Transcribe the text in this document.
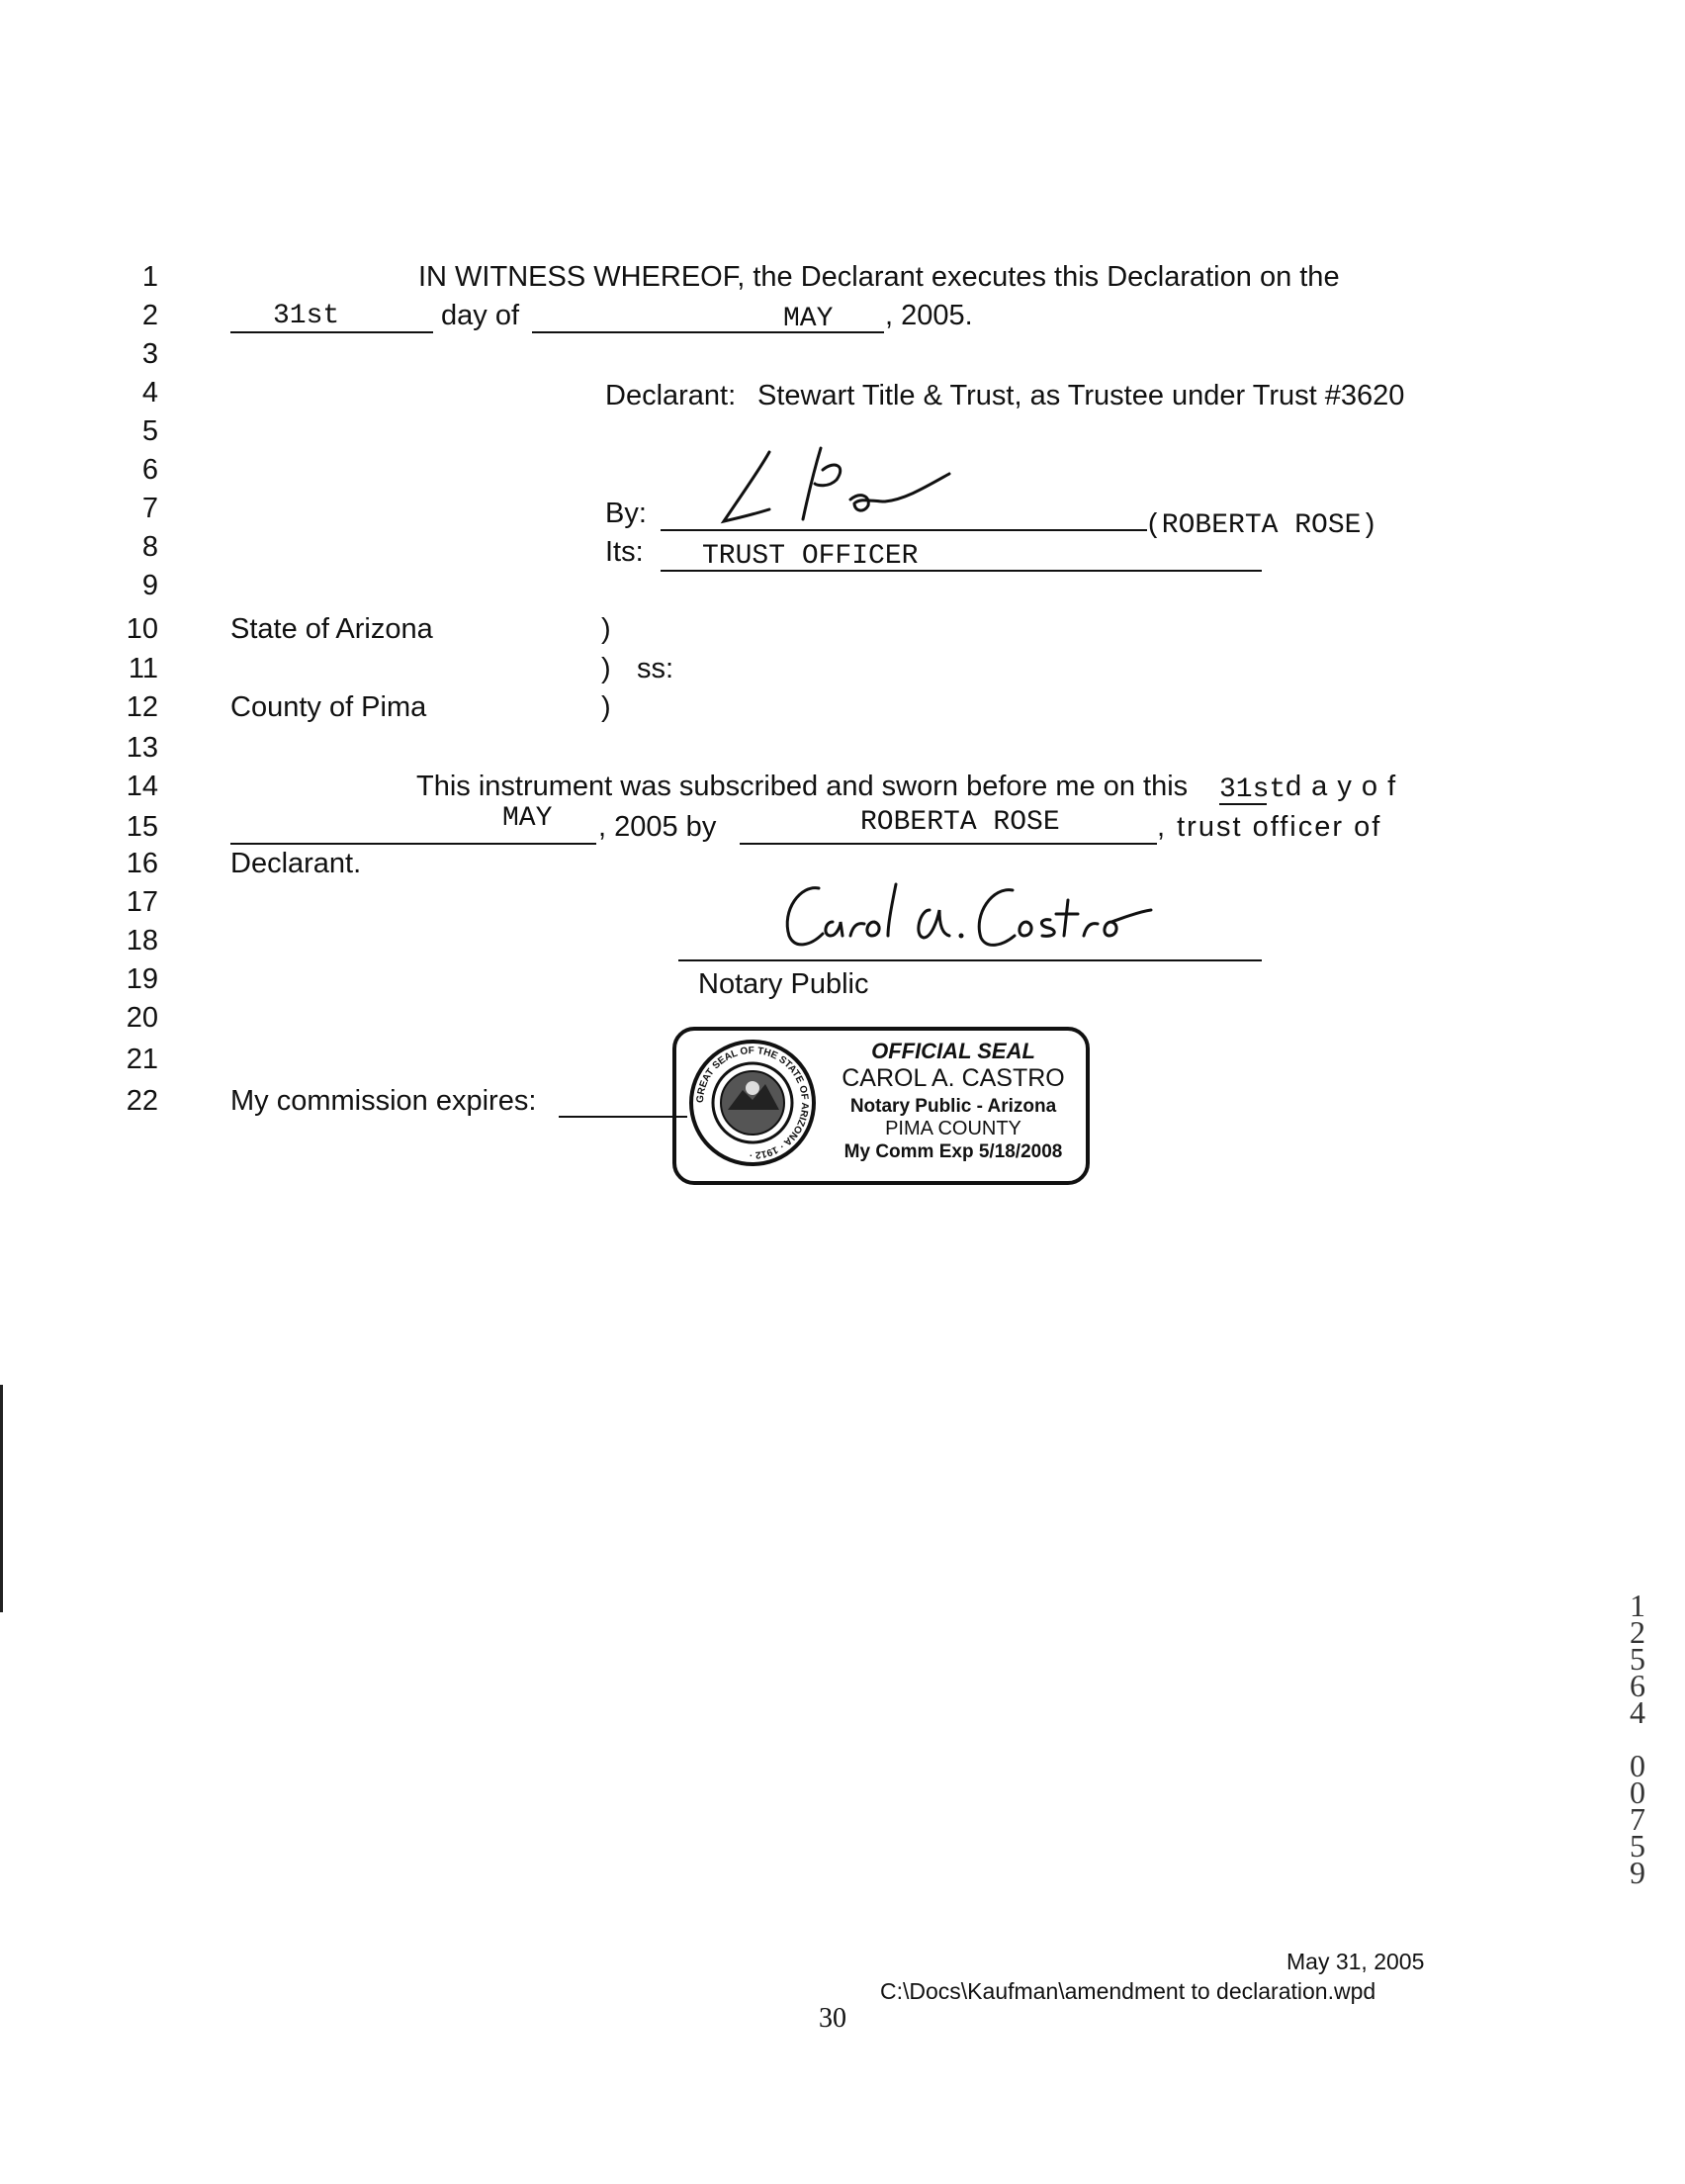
1
2
3
4
5
6
7
8
9
10
11
12
13
14
15
16
17
18
19
20
21
22
IN WITNESS WHEREOF, the Declarant executes this Declaration on the
31st	day of	MAY , 2005.
Declarant: Stewart Title & Trust, as Trustee under Trust #3620
By:	(ROBERTA ROSE)
Its: TRUST OFFICER
State of Arizona	)
) ss:
County of Pima	)
This instrument was subscribed and sworn before me on this 31st d a y o f
MAY , 2005 by	ROBERTA ROSE	, trust officer of
Declarant.
Notary Public
My commission expires:	GREAT SEAL OF THE STATE OF ARIZONA · 1912 ·
OFFICIAL SEAL
CAROL A. CASTRO
Notary Public - Arizona
PIMA COUNTY
My Comm Exp 5/18/2008
1
2
5
6
4

0
0
7
5
9
May 31, 2005
C:\Docs\Kaufman\amendment to declaration.wpd
30
